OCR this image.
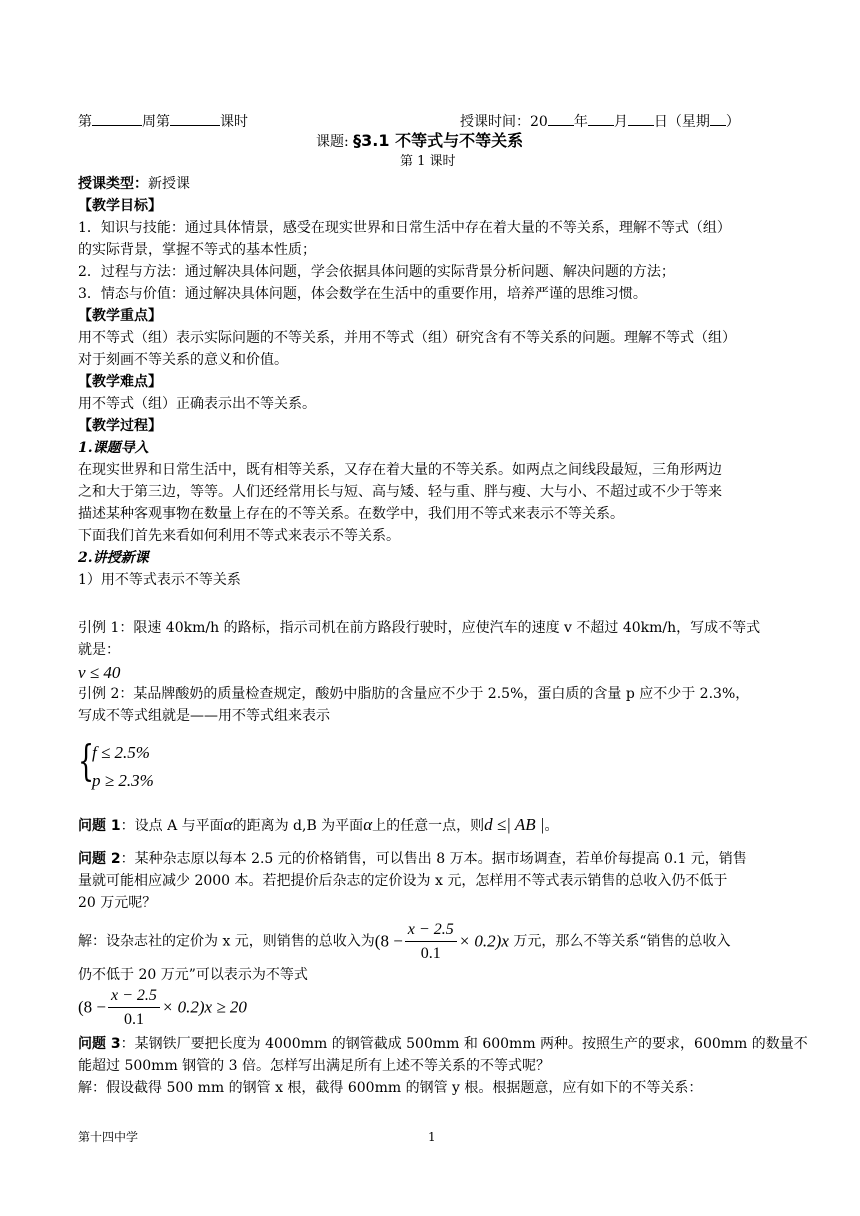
第	周第	课时	授课时间：20 年 月 日（星期 ）
课题: §3.1 不等式与不等关系
第 1 课时
授课类型：新授课
【教学目标】
1．知识与技能：通过具体情景，感受在现实世界和日常生活中存在着大量的不等关系，理解不等式（组）
的实际背景，掌握不等式的基本性质；
2．过程与方法：通过解决具体问题，学会依据具体问题的实际背景分析问题、解决问题的方法；
3．情态与价值：通过解决具体问题，体会数学在生活中的重要作用，培养严谨的思维习惯。
【教学重点】
用不等式（组）表示实际问题的不等关系，并用不等式（组）研究含有不等关系的问题。理解不等式（组）
对于刻画不等关系的意义和价值。
【教学难点】
用不等式（组）正确表示出不等关系。
【教学过程】
1.课题导入
在现实世界和日常生活中，既有相等关系，又存在着大量的不等关系。如两点之间线段最短，三角形两边
之和大于第三边，等等。人们还经常用长与短、高与矮、轻与重、胖与瘦、大与小、不超过或不少于等来
描述某种客观事物在数量上存在的不等关系。在数学中，我们用不等式来表示不等关系。
下面我们首先来看如何利用不等式来表示不等关系。
2.讲授新课
1）用不等式表示不等关系
引例 1：限速 40km/h 的路标，指示司机在前方路段行驶时，应使汽车的速度 v 不超过 40km/h，写成不等式
就是：
v ≤ 40
引例 2：某品牌酸奶的质量检查规定，酸奶中脂肪的含量应不少于 2.5%，蛋白质的含量 p 应不少于 2.3%，
写成不等式组就是——用不等式组来表示
{
f ≤ 2.5%
p ≥ 2.3%
问题 1：设点 A 与平面α的距离为 d,B 为平面α上的任意一点，则d ≤| AB |。
问题 2：某种杂志原以每本 2.5 元的价格销售，可以售出 8 万本。据市场调查，若单价每提高 0.1 元，销售
量就可能相应减少 2000 本。若把提价后杂志的定价设为 x 元，怎样用不等式表示销售的总收入仍不低于
20 万元呢？
解：设杂志社的定价为 x 元，则销售的总收入为$(8 - \frac{x - 2.5}{0.1} \times 0.2)x$ 万元，那么不等关系“销售的总收入
仍不低于 20 万元”可以表示为不等式
$(8 - \frac{x - 2.5}{0.1} \times 0.2)x \ge 20$
问题 3：某钢铁厂要把长度为 4000mm 的钢管截成 500mm 和 600mm 两种。按照生产的要求，600mm 的数量不
能超过 500mm 钢管的 3 倍。怎样写出满足所有上述不等关系的不等式呢？
解：假设截得 500 mm 的钢管 x 根，截得 600mm 的钢管 y 根。根据题意，应有如下的不等关系：
第十四中学	1
